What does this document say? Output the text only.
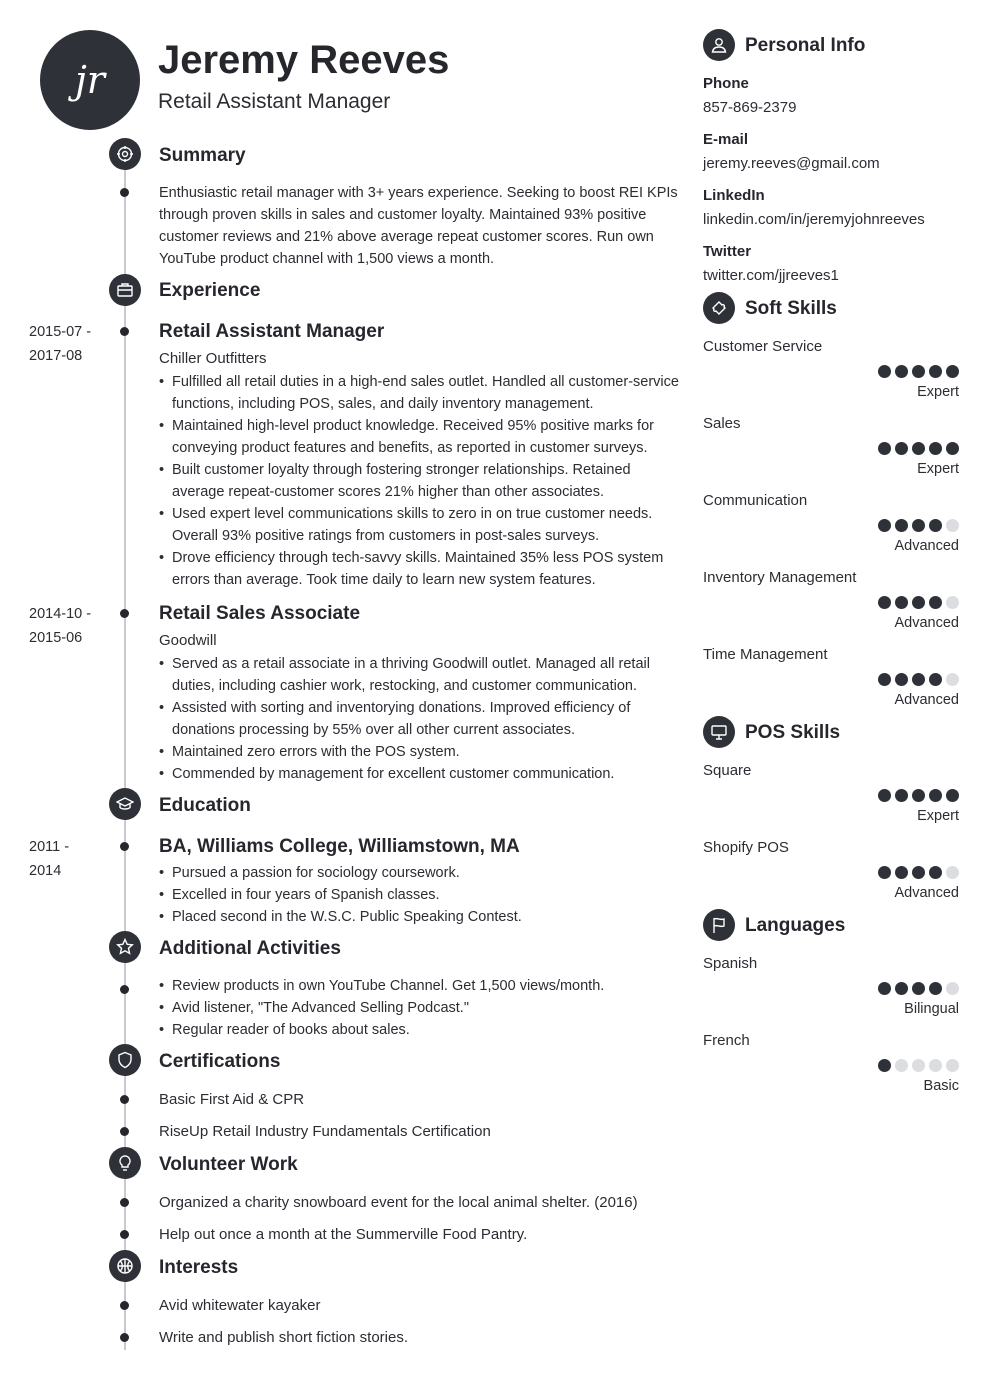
jr	Jeremy Reeves
Retail Assistant Manager
Summary
Enthusiastic retail manager with 3+ years experience. Seeking to boost REI KPIs
through proven skills in sales and customer loyalty. Maintained 93% positive
customer reviews and 21% above average repeat customer scores. Run own
YouTube product channel with 1,500 views a month.
Experience
2015-07 -
2017-08
Retail Assistant Manager
Chiller Outfitters
• Fulfilled all retail duties in a high-end sales outlet. Handled all customer-service
functions, including POS, sales, and daily inventory management.
• Maintained high-level product knowledge. Received 95% positive marks for
conveying product features and benefits, as reported in customer surveys.
• Built customer loyalty through fostering stronger relationships. Retained
average repeat-customer scores 21% higher than other associates.
• Used expert level communications skills to zero in on true customer needs.
Overall 93% positive ratings from customers in post-sales surveys.
• Drove efficiency through tech-savvy skills. Maintained 35% less POS system
errors than average. Took time daily to learn new system features.
2014-10 -
2015-06
Retail Sales Associate
Goodwill
• Served as a retail associate in a thriving Goodwill outlet. Managed all retail
duties, including cashier work, restocking, and customer communication.
• Assisted with sorting and inventorying donations. Improved efficiency of
donations processing by 55% over all other current associates.
• Maintained zero errors with the POS system.
• Commended by management for excellent customer communication.
Education
2011 -
2014
BA, Williams College, Williamstown, MA
• Pursued a passion for sociology coursework.
• Excelled in four years of Spanish classes.
• Placed second in the W.S.C. Public Speaking Contest.
Additional Activities
• Review products in own YouTube Channel. Get 1,500 views/month.
• Avid listener, "The Advanced Selling Podcast."
• Regular reader of books about sales.
Certifications
Basic First Aid & CPR
RiseUp Retail Industry Fundamentals Certification
Volunteer Work
Organized a charity snowboard event for the local animal shelter. (2016)
Help out once a month at the Summerville Food Pantry.
Interests
Avid whitewater kayaker
Write and publish short fiction stories.
Personal Info
Phone
857-869-2379
E-mail
jeremy.reeves@gmail.com
LinkedIn
linkedin.com/in/jeremyjohnreeves
Twitter
twitter.com/jjreeves1
Soft Skills
Customer Service
Expert
Sales
Expert
Communication
Advanced
Inventory Management
Advanced
Time Management
Advanced
POS Skills
Square
Expert
Shopify POS
Advanced
Languages
Spanish
Bilingual
French
Basic
